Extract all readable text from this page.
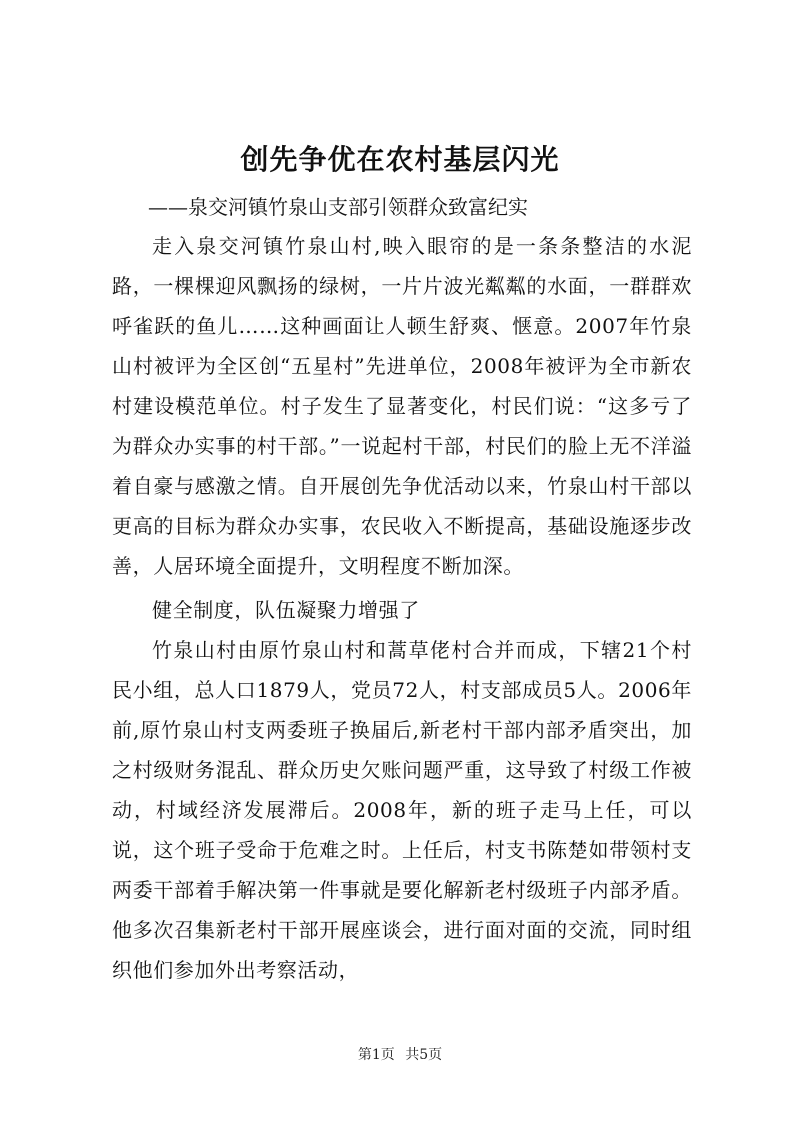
创先争优在农村基层闪光

——泉交河镇竹泉山支部引领群众致富纪实

走入泉交河镇竹泉山村,映入眼帘的是一条条整洁的水泥路，一棵棵迎风飘扬的绿树，一片片波光粼粼的水面，一群群欢呼雀跃的鱼儿……这种画面让人顿生舒爽、惬意。2007年竹泉山村被评为全区创“五星村”先进单位，2008年被评为全市新农村建设模范单位。村子发生了显著变化，村民们说：“这多亏了为群众办实事的村干部。”一说起村干部，村民们的脸上无不洋溢着自豪与感激之情。自开展创先争优活动以来，竹泉山村干部以更高的目标为群众办实事，农民收入不断提高，基础设施逐步改善，人居环境全面提升，文明程度不断加深。

健全制度，队伍凝聚力增强了

竹泉山村由原竹泉山村和蒿草佬村合并而成，下辖21个村民小组，总人口1879人，党员72人，村支部成员5人。2006年前,原竹泉山村支两委班子换届后,新老村干部内部矛盾突出，加之村级财务混乱、群众历史欠账问题严重，这导致了村级工作被动，村域经济发展滞后。2008年，新的班子走马上任，可以说，这个班子受命于危难之时。上任后，村支书陈楚如带领村支两委干部着手解决第一件事就是要化解新老村级班子内部矛盾。他多次召集新老村干部开展座谈会，进行面对面的交流，同时组织他们参加外出考察活动，

第1页 共5页
